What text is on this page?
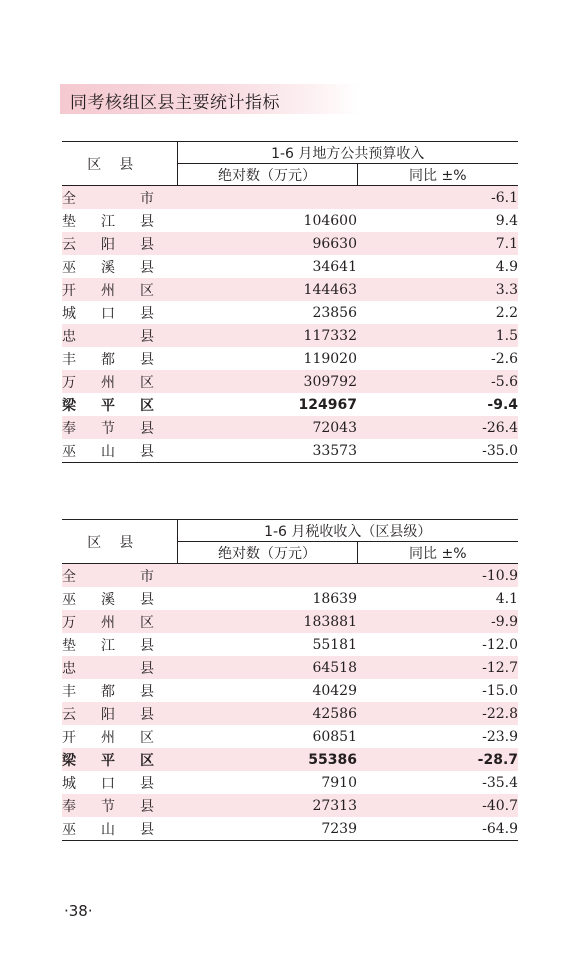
同考核组区县主要统计指标
区县	1-6 月地方公共预算收入	
	绝对数（万元）	同比 ±%
全 市		-6.1
垫 江 县	104600	9.4
云 阳 县	96630	7.1
巫 溪 县	34641	4.9
开 州 区	144463	3.3
城 口 县	23856	2.2
忠 县	117332	1.5
丰 都 县	119020	-2.6
万 州 区	309792	-5.6
梁 平 区	124967	-9.4
奉 节 县	72043	-26.4
巫 山 县	33573	-35.0
区县	1-6 月税收收入（区县级）	
	绝对数（万元）	同比 ±%
全 市		-10.9
巫 溪 县	18639	4.1
万 州 区	183881	-9.9
垫 江 县	55181	-12.0
忠 县	64518	-12.7
丰 都 县	40429	-15.0
云 阳 县	42586	-22.8
开 州 区	60851	-23.9
梁 平 区	55386	-28.7
城 口 县	7910	-35.4
奉 节 县	27313	-40.7
巫 山 县	7239	-64.9
·38·
